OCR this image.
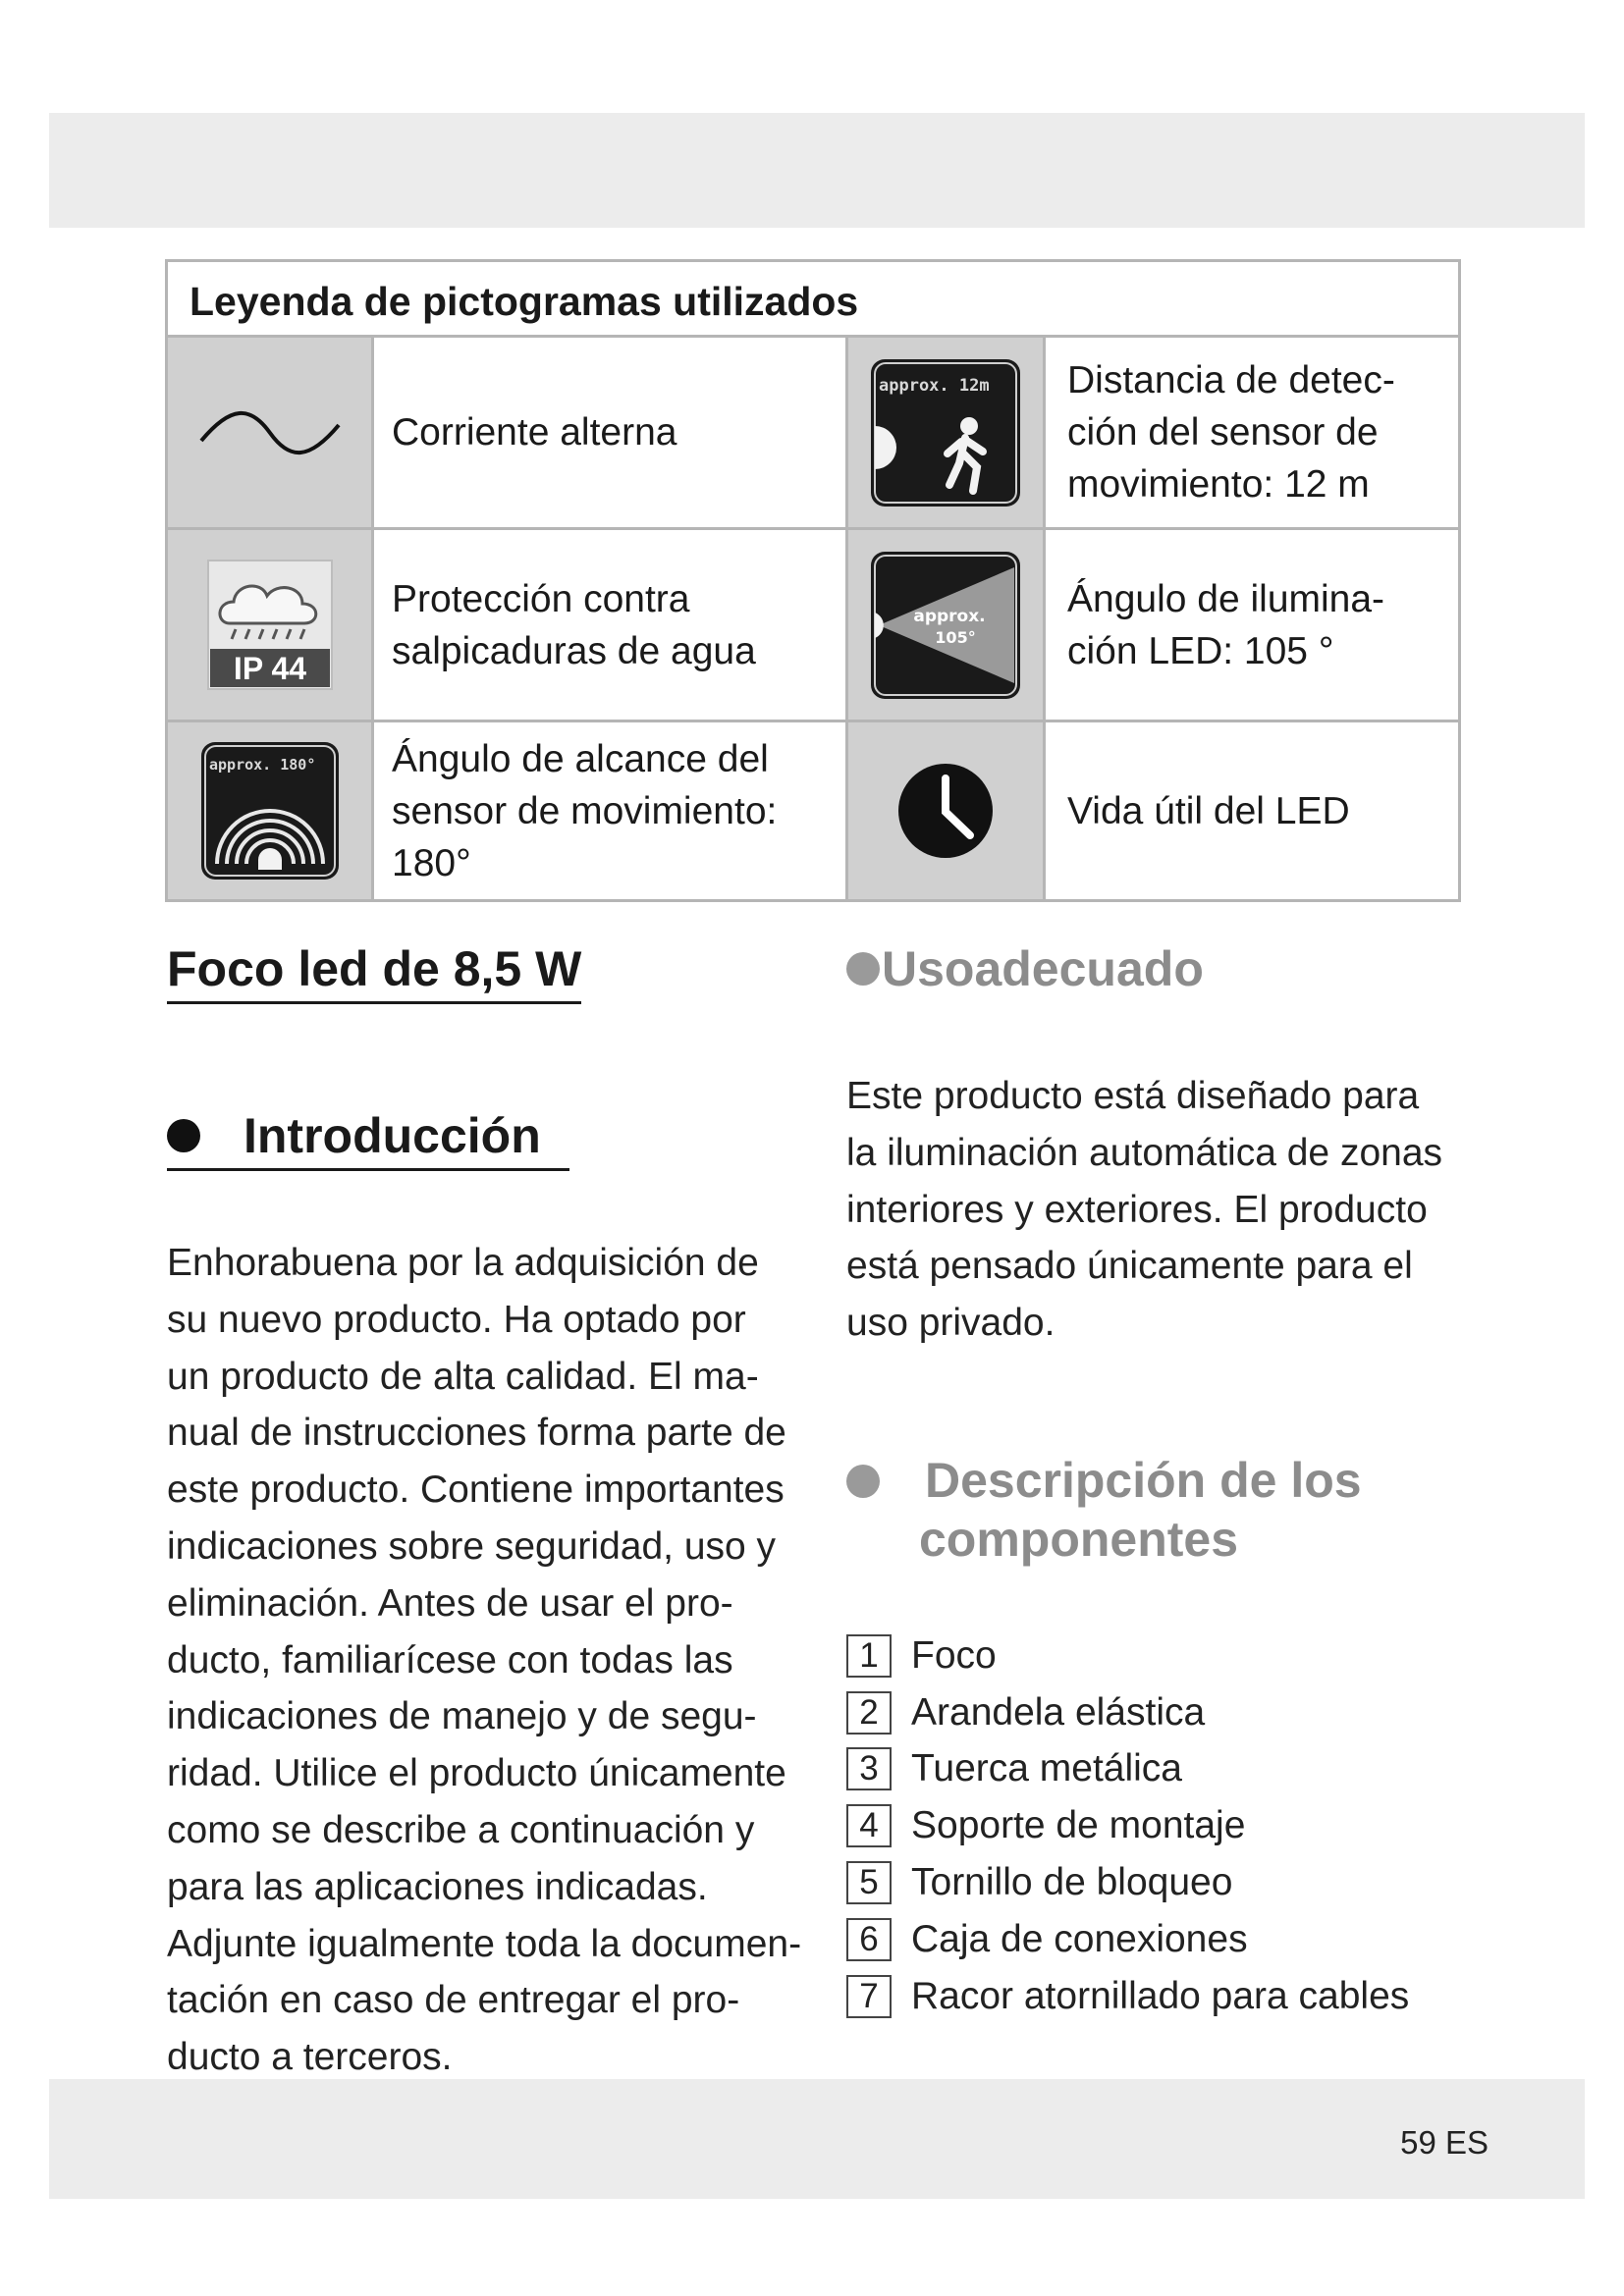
Leyenda de pictogramas utilizados
Corriente alterna
approx. 12m	Distancia de detec-
ción del sensor de
movimiento: 12 m
IP 44
Protección contra
salpicaduras de agua
approx.
105°
Ángulo de ilumina-
ción LED: 105 °
approx. 180°	Ángulo de alcance del
sensor de movimiento:
180°
Vida útil del LED
Foco led de 8,5 W
Introducción
Enhorabuena por la adquisición de
su nuevo producto. Ha optado por
un producto de alta calidad. El ma-
nual de instrucciones forma parte de
este producto. Contiene importantes
indicaciones sobre seguridad, uso y
eliminación. Antes de usar el pro-
ducto, familiarícese con todas las
indicaciones de manejo y de segu-
ridad. Utilice el producto únicamente
como se describe a continuación y
para las aplicaciones indicadas.
Adjunte igualmente toda la documen-
tación en caso de entregar el pro-
ducto a terceros.
Usoadecuado
Este producto está diseñado para
la iluminación automática de zonas
interiores y exteriores. El producto
está pensado únicamente para el
uso privado.
Descripción de los
componentes
1 Foco
2 Arandela elástica
3 Tuerca metálica
4 Soporte de montaje
5 Tornillo de bloqueo
6 Caja de conexiones
7 Racor atornillado para cables
59 ES
